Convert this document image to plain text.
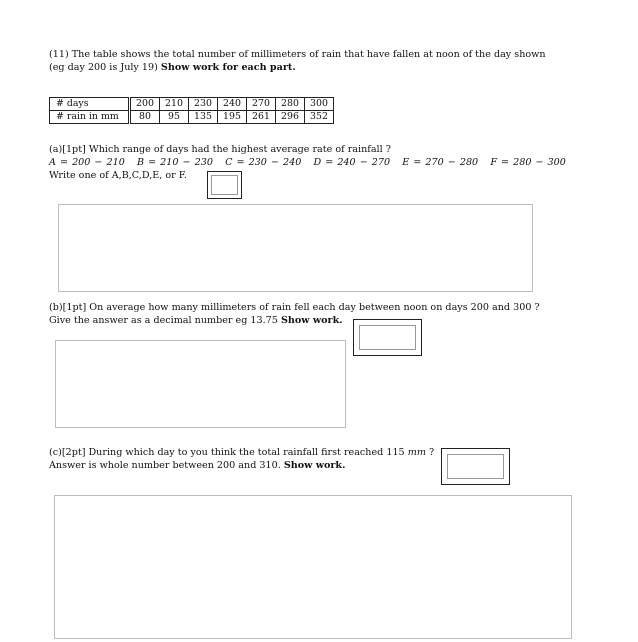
(11) The table shows the total number of millimeters of rain that have fallen at noon of the day shown
(eg day 200 is July 19) Show work for each part.
# days	200	210	230	240	270	280	300
# rain in mm	80	95	135	195	261	296	352
(a)[1pt] Which range of days had the highest average rate of rainfall ?
A = 200 − 210 B = 210 − 230 C = 230 − 240 D = 240 − 270 E = 270 − 280 F = 280 − 300
Write one of A,B,C,D,E, or F.
(b)[1pt] On average how many millimeters of rain fell each day between noon on days 200 and 300 ?
Give the answer as a decimal number eg 13.75 Show work.
(c)[2pt] During which day to you think the total rainfall first reached 115 mm ?
Answer is whole number between 200 and 310. Show work.
